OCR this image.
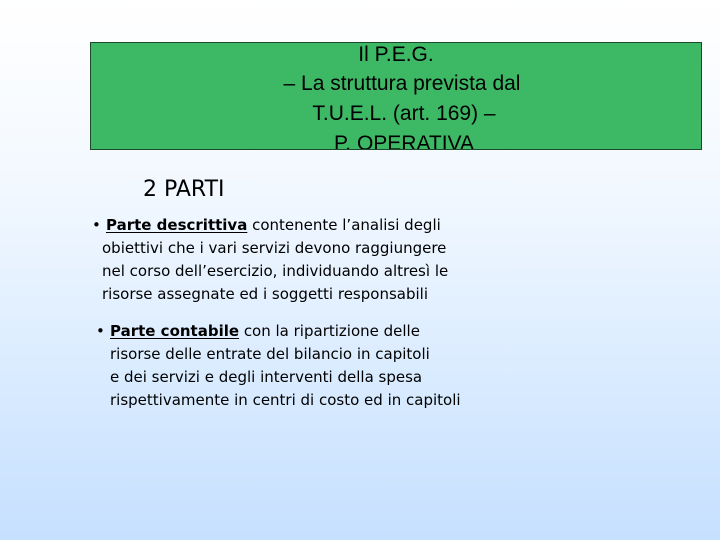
Il P.E.G.
– La struttura prevista dal
T.U.E.L. (art. 169) –
P. OPERATIVA
2 PARTI
• Parte descrittiva contenente l’analisi degli
obiettivi che i vari servizi devono raggiungere
nel corso dell’esercizio, individuando altresì le
risorse assegnate ed i soggetti responsabili
• Parte contabile con la ripartizione delle
risorse delle entrate del bilancio in capitoli
e dei servizi e degli interventi della spesa
rispettivamente in centri di costo ed in capitoli
